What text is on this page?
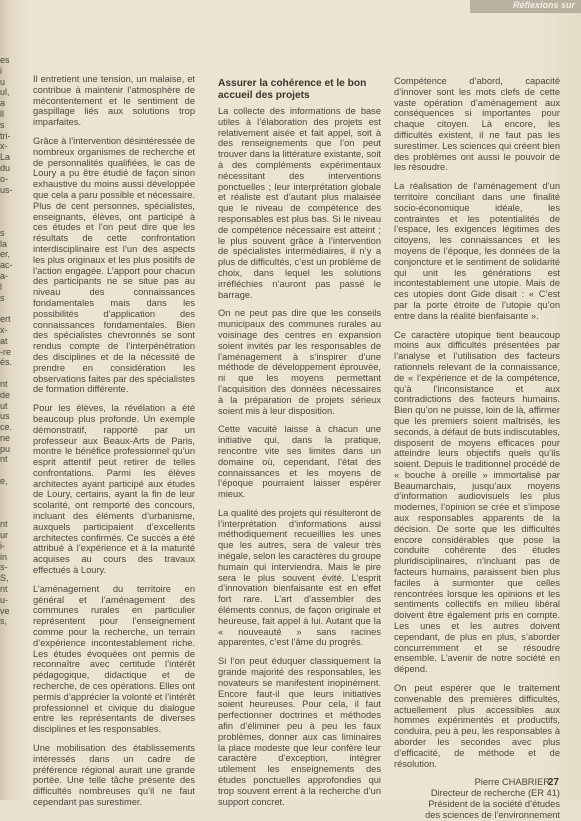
Réflexions sur
es
i
u
ul,
a
ll
s
tri-
x-
La
du
o-
us-
s
la
er,
ac-
a-
l
s
ert
x-
at
-re
és.
nt
de
ut
us
ce.
ne
pu
nt
e,
nt
ur
i-
in
s-
S,
nt
u-
ve
s,

Il entretient une tension, un malaise, et contribue à maintenir l’atmosphère de mécontentement et le sentiment de gaspillage liés aux solutions trop imparfaites.

Grâce à l’intervention désintéressée de nombreux organismes de recherche et de personnalités qualifiées, le cas de Loury a pu être étudié de façon sinon exhaustive du moins aussi développée que cela a paru possible et nécessaire. Plus de cent personnes, spécialistes, enseignants, élèves, ont participé à ces études et l’on peut dire que les résultats de cette confrontation interdisciplinaire est l’un des aspects les plus originaux et les plus positifs de l’action engagée. L’apport pour chacun des participants ne se situe pas au niveau des connaissances fondamentales mais dans les possibilités d’application des connaissances fondamentales. Bien des spécialistes chevronnés se sont rendus compte de l’interpénétration des disciplines et de la nécessité de prendre en considération les observations faites par des spécialistes de formation différente.

Pour les élèves, la révélation a été beaucoup plus profonde. Un exemple démonstratif, rapporté par un professeur aux Beaux-Arts de Paris, montre le bénéfice professionnel qu’un esprit attentif peut retirer de telles confrontations. Parmi les élèves architectes ayant participé aux études de Loury, certains, ayant la fin de leur scolarité, ont remporté des concours, incluant des éléments d’urbanisme, auxquels participaient d’excellents architectes confirmés. Ce succès a été attribué à l’expérience et à la maturité acquises au cours des travaux effectués à Loury.

L’aménagement du territoire en général et l’aménagement des communes rurales en particulier représentent pour l’enseignement comme pour la recherche, un terrain d’expérience incontestablement riche. Les études évoquées ont permis de reconnaître avec certitude l’intérêt pédagogique, didactique et de recherche, de ces opérations. Elles ont permis d’apprécier la volonté et l’intérêt professionnel et civique du dialogue entre les représentants de diverses disciplines et les responsables.

Une mobilisation des établissements intéressés dans un cadre de préférence régional aurait une grande portée. Une telle tâche présente des difficultés nombreuses qu’il ne faut cependant pas surestimer.

Assurer la cohérence et le bon accueil des projets

La collecte des informations de base utiles à l’élaboration des projets est relativement aisée et fait appel, soit à des renseignements que l’on peut trouver dans la littérature existante, soit à des compléments expérimentaux nécessitant des interventions ponctuelles ; leur interprétation globale et réaliste est d’autant plus malaisée que le niveau de compétence des responsables est plus bas. Si le niveau de compétence nécessaire est atteint ; le plus souvent grâce à l’intervention de spécialistes intermédiaires, il n’y a plus de difficultés, c’est un problème de choix, dans lequel les solutions irréfléchies n’auront pas passé le barrage.

On ne peut pas dire que les conseils municipaux des communes rurales au voisinage des centres en expansion soient invités par les responsables de l’aménagement à s’inspirer d’une méthode de développement éprouvée, ni que les moyens permettant l’acquisition des données nécessaires à la préparation de projets sérieux soient mis à leur disposition.

Cette vacuité laisse à chacun une initiative qui, dans la pratique, rencontre vite ses limites dans un domaine où, cependant, l’état des connaissances et les moyens de l’époque pourraient laisser espérer mieux.

La qualité des projets qui résulteront de l’interprétation d’informations aussi méthodiquement recueillies les unes que les autres, sera de valeur très inégale, selon les caractères du groupe humain qui interviendra. Mais le pire sera le plus souvent évité. L’esprit d’innovation bienfaisante est en effet fort rare. L’art d’assembler des éléments connus, de façon originale et heureuse, fait appel à lui. Autant que la « nouveauté » sans racines apparentes, c’est l’âme du progrès.

Si l’on peut éduquer classiquement la grande majorité des responsables, les novateurs se manifestent inopinément. Encore faut-il que leurs initiatives soient heureuses. Pour cela, il faut perfectionner doctrines et méthodes afin d’éliminer peu à peu les faux problèmes, donner aux cas liminaires la place modeste que leur confère leur caractère d’exception, intégrer utilement les enseignements des études ponctuelles approfondies qui trop souvent errent à la recherche d’un support concret.

Compétence d’abord, capacité d’innover sont les mots clefs de cette vaste opération d’aménagement aux conséquences si importantes pour chaque citoyen. Là encore, les difficultés existent, il ne faut pas les surestimer. Les sciences qui créent bien des problèmes ont aussi le pouvoir de les résoudre.

La réalisation de l’aménagement d’un territoire conciliant dans une finalité socio-économique idéale, les contraintes et les potentialités de l’espace, les exigences légitimes des citoyens, les connaissances et les moyens de l’époque, les données de la conjoncture et le sentiment de solidarité qui unit les générations est incontestablement une utopie. Mais de ces utopies dont Gide disait : « C’est par la porte étroite de l’utopie qu’on entre dans la réalité bienfaisante ».

Ce caractère utopique tient beaucoup moins aux difficultés présentées par l’analyse et l’utilisation des facteurs rationnels relevant de la connaissance, de « l’expérience et de la compétence, qu’à l’inconsistance et aux contradictions des facteurs humains. Bien qu’on ne puisse, loin de là, affirmer que les premiers soient maîtrisés, les seconds, à défaut de buts indiscutables, disposent de moyens efficaces pour atteindre leurs objectifs quels qu’ils soient. Depuis le traditionnel procédé de « bouche à oreille » immortalisé par Beaumarchais, jusqu’aux moyens d’information audiovisuels les plus modernes, l’opinion se crée et s’impose aux responsables apparents de la décision. De sorte que les difficultés encore considérables que pose la conduite cohérente des études pluridisciplinaires, n’incluant pas de facteurs humains, paraissent bien plus faciles à surmonter que celles rencontrées lorsque les opinions et les sentiments collectifs en milieu libéral doivent être également pris en compte. Les unes et les autres doivent cependant, de plus en plus, s’aborder concurremment et se résoudre ensemble. L’avenir de notre société en dépend.

On peut espérer que le traitement convenable des premières difficultés, actuellement plus accessibles aux hommes expérimentés et productifs, conduira, peu à peu, les responsables à aborder les secondes avec plus d’efficacité, de méthode et de résolution.

Pierre CHABRIER
Directeur de recherche (ER 41)
Président de la société d’études
des sciences de l’environnement
27
